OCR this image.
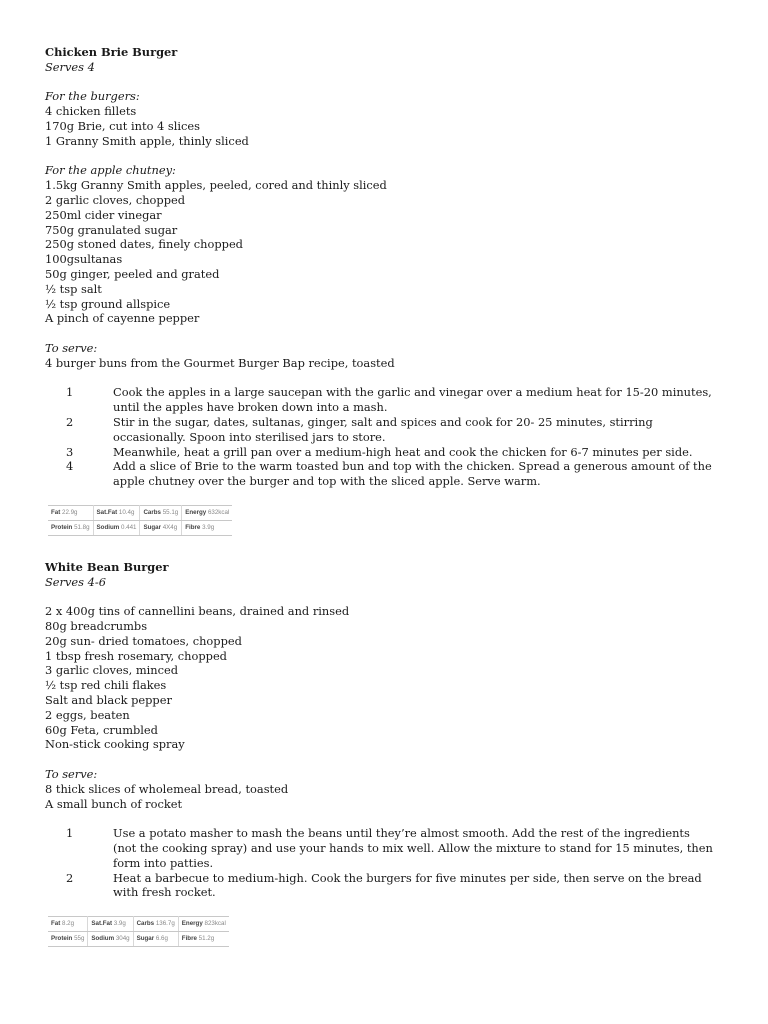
Chicken Brie Burger

Serves 4

For the burgers:

4 chicken fillets

170g Brie, cut into 4 slices

1 Granny Smith apple, thinly sliced

For the apple chutney:

1.5kg Granny Smith apples, peeled, cored and thinly sliced

2 garlic cloves, chopped

250ml cider vinegar

750g granulated sugar

250g stoned dates, finely chopped

100gsultanas

50g ginger, peeled and grated

½ tsp salt

½ tsp ground allspice

A pinch of cayenne pepper

To serve:

4 burger buns from the Gourmet Burger Bap recipe, toasted

1	Cook the apples in a large saucepan with the garlic and vinegar over a medium heat for 15-20 minutes, until the apples have broken down into a mash.
2	Stir in the sugar, dates, sultanas, ginger, salt and spices and cook for 20- 25 minutes, stirring occasionally. Spoon into sterilised jars to store.
3	Meanwhile, heat a grill pan over a medium-high heat and cook the chicken for 6-7 minutes per side.
4	Add a slice of Brie to the warm toasted bun and top with the chicken. Spread a generous amount of the apple chutney over the burger and top with the sliced apple. Serve warm.
Fat 22.9g	Sat.Fat 10.4g	Carbs 55.1g	Energy 632kcal
Protein 51.8g	Sodium 0.441	Sugar 4X4g	Fibre 3.9g

White Bean Burger

Serves 4-6

2 x 400g tins of cannellini beans, drained and rinsed

80g breadcrumbs

20g sun- dried tomatoes, chopped

1 tbsp fresh rosemary, chopped

3 garlic cloves, minced

½ tsp red chili flakes

Salt and black pepper

2 eggs, beaten

60g Feta, crumbled

Non-stick cooking spray

To serve:

8 thick slices of wholemeal bread, toasted

A small bunch of rocket

1	Use a potato masher to mash the beans until they’re almost smooth. Add the rest of the ingredients (not the cooking spray) and use your hands to mix well. Allow the mixture to stand for 15 minutes, then form into patties.
2	Heat a barbecue to medium-high. Cook the burgers for five minutes per side, then serve on the bread with fresh rocket.
Fat 8.2g	Sat.Fat 3.9g	Carbs 136.7g	Energy 823kcal
Protein 55g	Sodium 304g	Sugar 6.6g	Fibre 51.2g
